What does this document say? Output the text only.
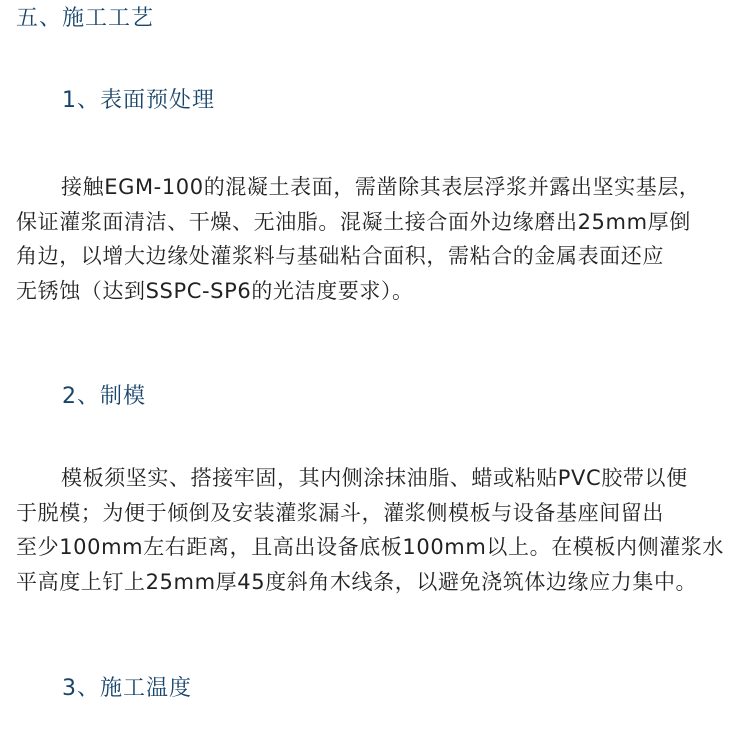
五、施工工艺
1、表面预处理
接触EGM-100的混凝土表面，需凿除其表层浮浆并露出坚实基层，
保证灌浆面清洁、干燥、无油脂。混凝土接合面外边缘磨出25mm厚倒
角边，以增大边缘处灌浆料与基础粘合面积，需粘合的金属表面还应
无锈蚀（达到SSPC-SP6的光洁度要求）。
2、制模
模板须坚实、搭接牢固，其内侧涂抹油脂、蜡或粘贴PVC胶带以便
于脱模；为便于倾倒及安装灌浆漏斗，灌浆侧模板与设备基座间留出
至少100mm左右距离，且高出设备底板100mm以上。在模板内侧灌浆水
平高度上钉上25mm厚45度斜角木线条，以避免浇筑体边缘应力集中。
3、施工温度
